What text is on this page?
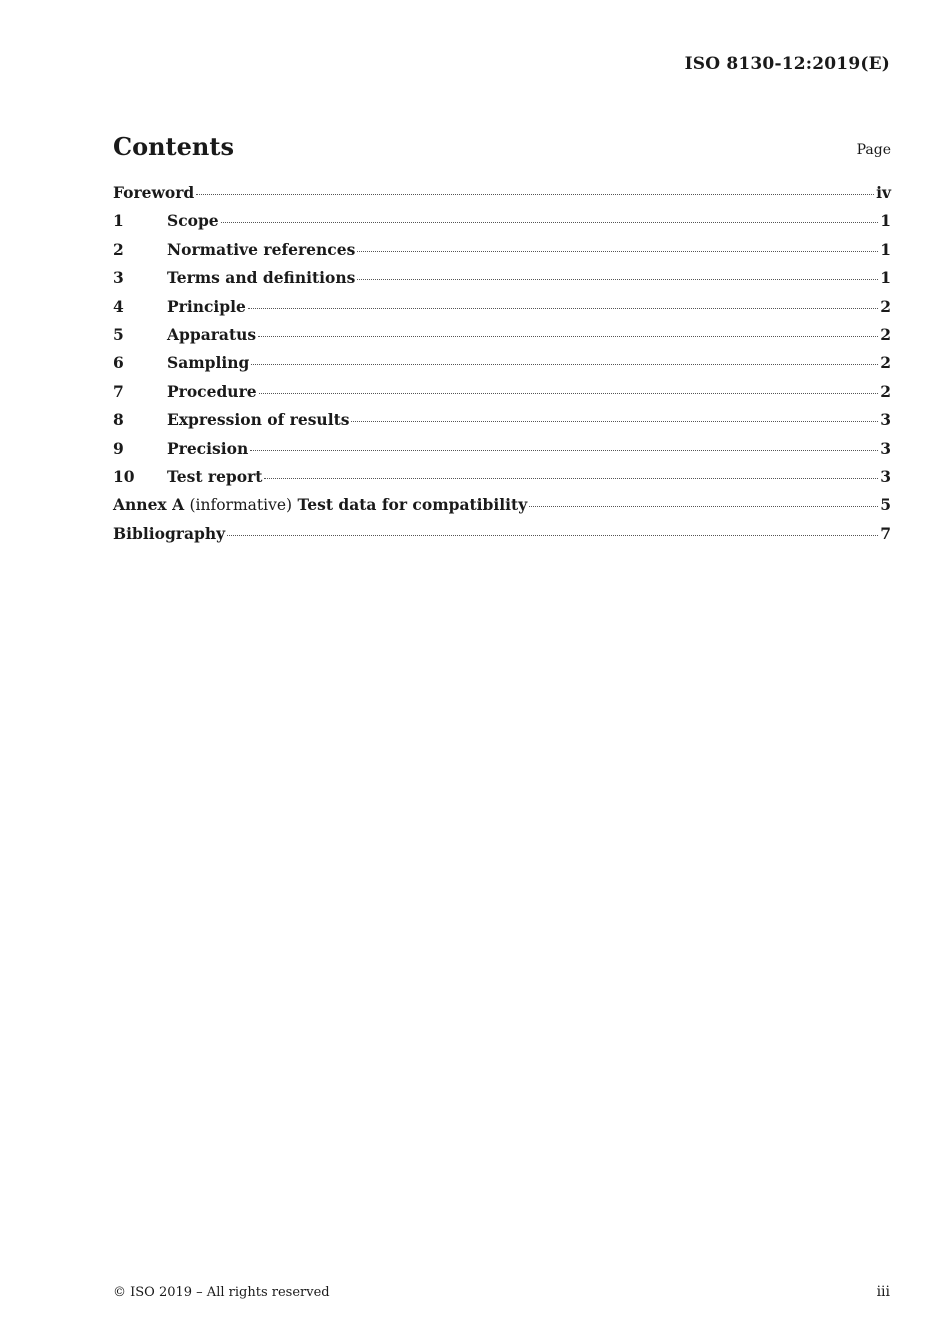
ISO 8130-12:2019(E)
Contents	Page
Foreword	iv
1	Scope	1
2	Normative references	1
3	Terms and definitions	1
4	Principle	2
5	Apparatus	2
6	Sampling	2
7	Procedure	2
8	Expression of results	3
9	Precision	3
10	Test report	3
Annex A (informative) Test data for compatibility	5
Bibliography	7
© ISO 2019 – All rights reserved	iii
